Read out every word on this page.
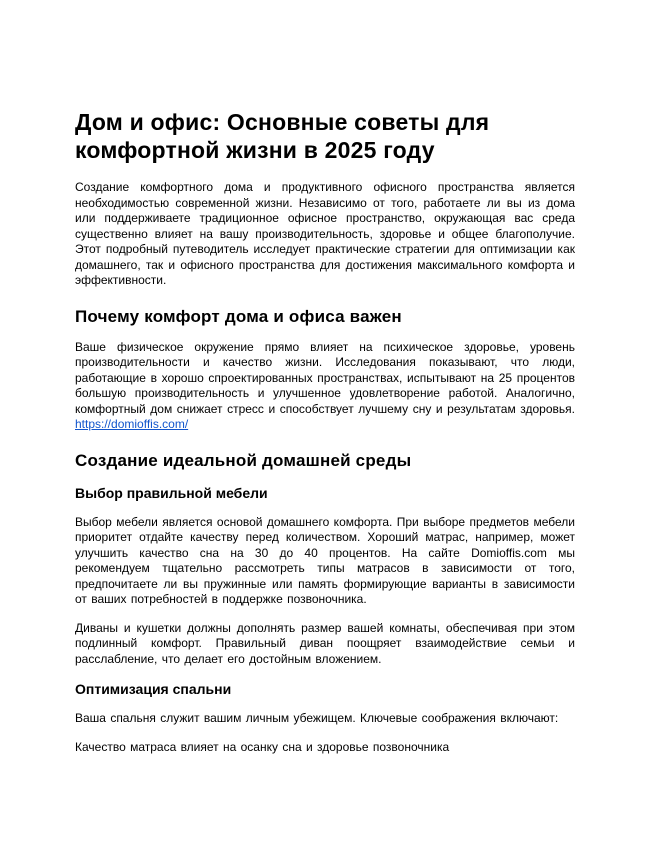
Дом и офис: Основные советы для комфортной жизни в 2025 году

Создание комфортного дома и продуктивного офисного пространства является необходимостью современной жизни. Независимо от того, работаете ли вы из дома или поддерживаете традиционное офисное пространство, окружающая вас среда существенно влияет на вашу производительность, здоровье и общее благополучие. Этот подробный путеводитель исследует практические стратегии для оптимизации как домашнего, так и офисного пространства для достижения максимального комфорта и эффективности.

Почему комфорт дома и офиса важен

Ваше физическое окружение прямо влияет на психическое здоровье, уровень производительности и качество жизни. Исследования показывают, что люди, работающие в хорошо спроектированных пространствах, испытывают на 25 процентов большую производительность и улучшенное удовлетворение работой. Аналогично, комфортный дом снижает стресс и способствует лучшему сну и результатам здоровья. https://domioffis.com/

Создание идеальной домашней среды
Выбор правильной мебели

Выбор мебели является основой домашнего комфорта. При выборе предметов мебели приоритет отдайте качеству перед количеством. Хороший матрас, например, может улучшить качество сна на 30 до 40 процентов. На сайте Domioffis.com мы рекомендуем тщательно рассмотреть типы матрасов в зависимости от того, предпочитаете ли вы пружинные или память формирующие варианты в зависимости от ваших потребностей в поддержке позвоночника.

Диваны и кушетки должны дополнять размер вашей комнаты, обеспечивая при этом подлинный комфорт. Правильный диван поощряет взаимодействие семьи и расслабление, что делает его достойным вложением.

Оптимизация спальни

Ваша спальня служит вашим личным убежищем. Ключевые соображения включают:

Качество матраса влияет на осанку сна и здоровье позвоночника
